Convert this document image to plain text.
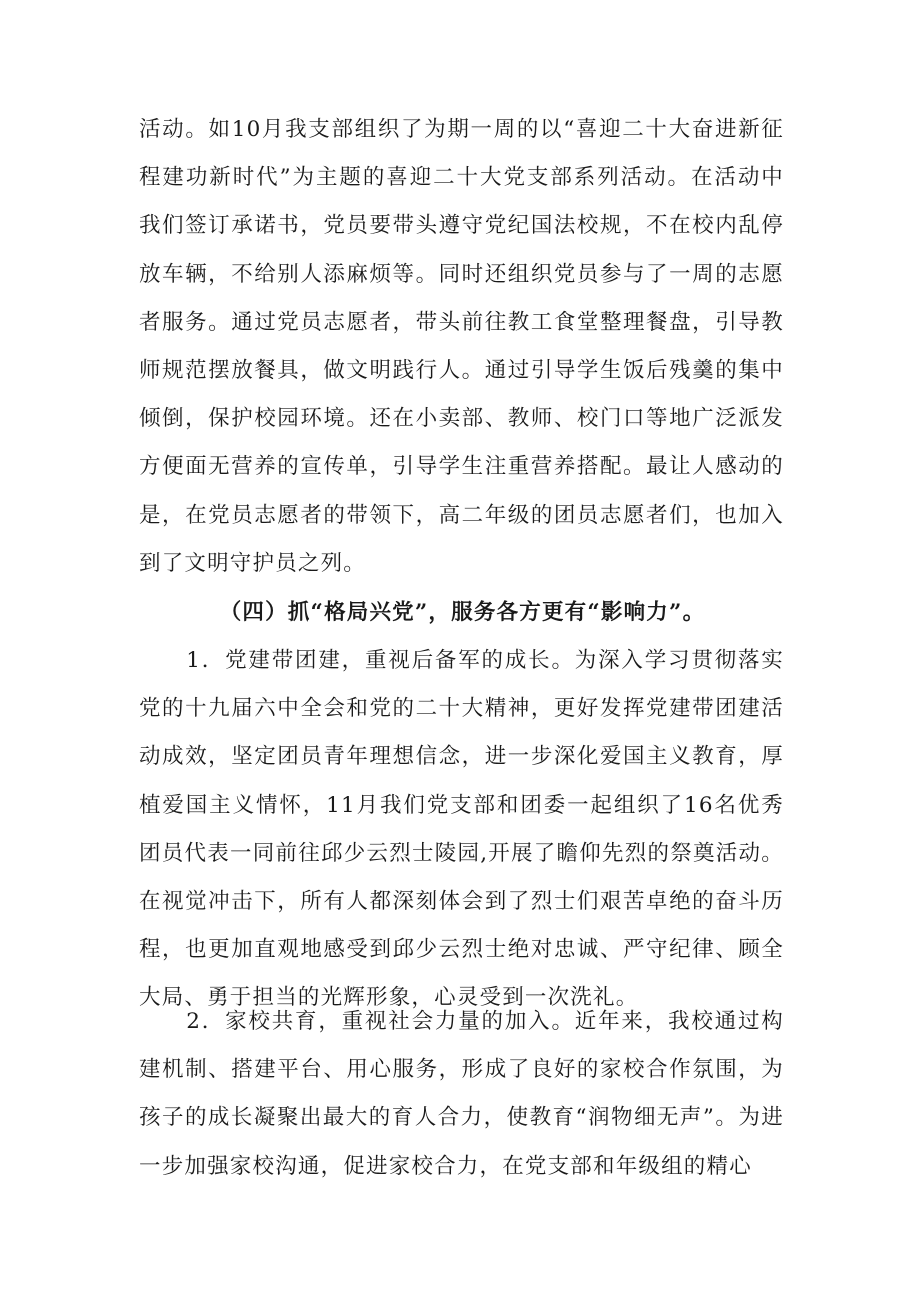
活动。如10月我支部组织了为期一周的以“喜迎二十大奋进新征程建功新时代”为主题的喜迎二十大党支部系列活动。在活动中我们签订承诺书，党员要带头遵守党纪国法校规，不在校内乱停放车辆，不给别人添麻烦等。同时还组织党员参与了一周的志愿者服务。通过党员志愿者，带头前往教工食堂整理餐盘，引导教师规范摆放餐具，做文明践行人。通过引导学生饭后残羹的集中倾倒，保护校园环境。还在小卖部、教师、校门口等地广泛派发方便面无营养的宣传单，引导学生注重营养搭配。最让人感动的是，在党员志愿者的带领下，高二年级的团员志愿者们，也加入到了文明守护员之列。

（四）抓“格局兴党”，服务各方更有“影响力”。

1．党建带团建，重视后备军的成长。为深入学习贯彻落实党的十九届六中全会和党的二十大精神，更好发挥党建带团建活动成效，坚定团员青年理想信念，进一步深化爱国主义教育，厚植爱国主义情怀，11月我们党支部和团委一起组织了16名优秀团员代表一同前往邱少云烈士陵园,开展了瞻仰先烈的祭奠活动。在视觉冲击下，所有人都深刻体会到了烈士们艰苦卓绝的奋斗历程，也更加直观地感受到邱少云烈士绝对忠诚、严守纪律、顾全大局、勇于担当的光辉形象，心灵受到一次洗礼。

2．家校共育，重视社会力量的加入。近年来，我校通过构建机制、搭建平台、用心服务，形成了良好的家校合作氛围，为孩子的成长凝聚出最大的育人合力，使教育“润物细无声”。为进一步加强家校沟通，促进家校合力，在党支部和年级组的精心
